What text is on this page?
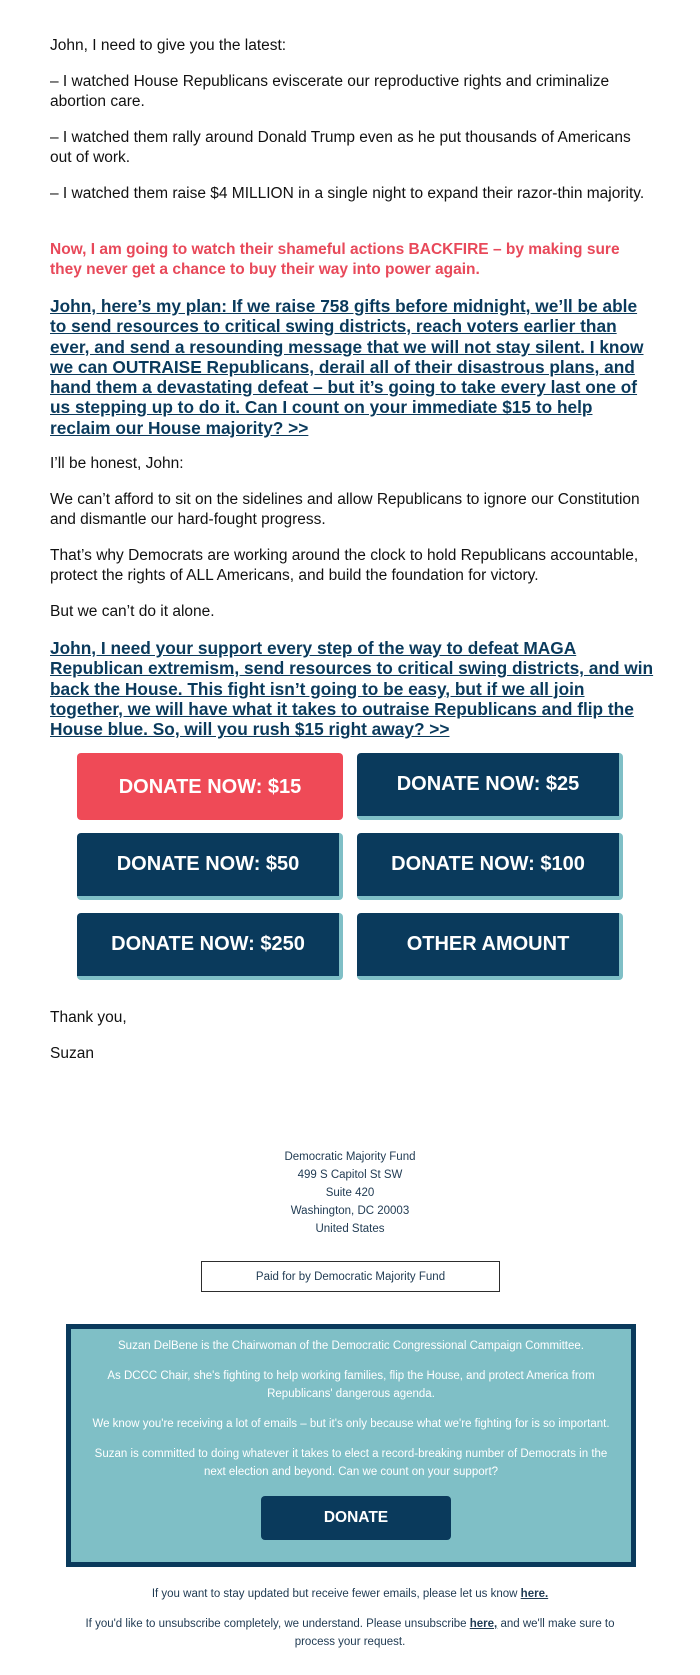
John, I need to give you the latest:

– I watched House Republicans eviscerate our reproductive rights and criminalize abortion care.

– I watched them rally around Donald Trump even as he put thousands of Americans out of work.

– I watched them raise $4 MILLION in a single night to expand their razor-thin majority.

Now, I am going to watch their shameful actions BACKFIRE – by making sure they never get a chance to buy their way into power again.

John, here’s my plan: If we raise 758 gifts before midnight, we’ll be able to send resources to critical swing districts, reach voters earlier than ever, and send a resounding message that we will not stay silent. I know we can OUTRAISE Republicans, derail all of their disastrous plans, and hand them a devastating defeat – but it’s going to take every last one of us stepping up to do it. Can I count on your immediate $15 to help reclaim our House majority? >>

I’ll be honest, John:

We can’t afford to sit on the sidelines and allow Republicans to ignore our Constitution and dismantle our hard-fought progress.

That’s why Democrats are working around the clock to hold Republicans accountable, protect the rights of ALL Americans, and build the foundation for victory.

But we can’t do it alone.

John, I need your support every step of the way to defeat MAGA Republican extremism, send resources to critical swing districts, and win back the House. This fight isn’t going to be easy, but if we all join together, we will have what it takes to outraise Republicans and flip the House blue. So, will you rush $15 right away? >>

DONATE NOW: $15	DONATE NOW: $25
DONATE NOW: $50	DONATE NOW: $100
DONATE NOW: $250	OTHER AMOUNT
Thank you,
Suzan
Democratic Majority Fund
499 S Capitol St SW
Suite 420
Washington, DC 20003
United States
Paid for by Democratic Majority Fund

Suzan DelBene is the Chairwoman of the Democratic Congressional Campaign Committee.

As DCCC Chair, she's fighting to help working families, flip the House, and protect America from Republicans' dangerous agenda.

We know you're receiving a lot of emails – but it's only because what we're fighting for is so important.

Suzan is committed to doing whatever it takes to elect a record-breaking number of Democrats in the next election and beyond. Can we count on your support?

DONATE
If you want to stay updated but receive fewer emails, please let us know here.
If you'd like to unsubscribe completely, we understand. Please unsubscribe here, and we'll make sure to process your request.
